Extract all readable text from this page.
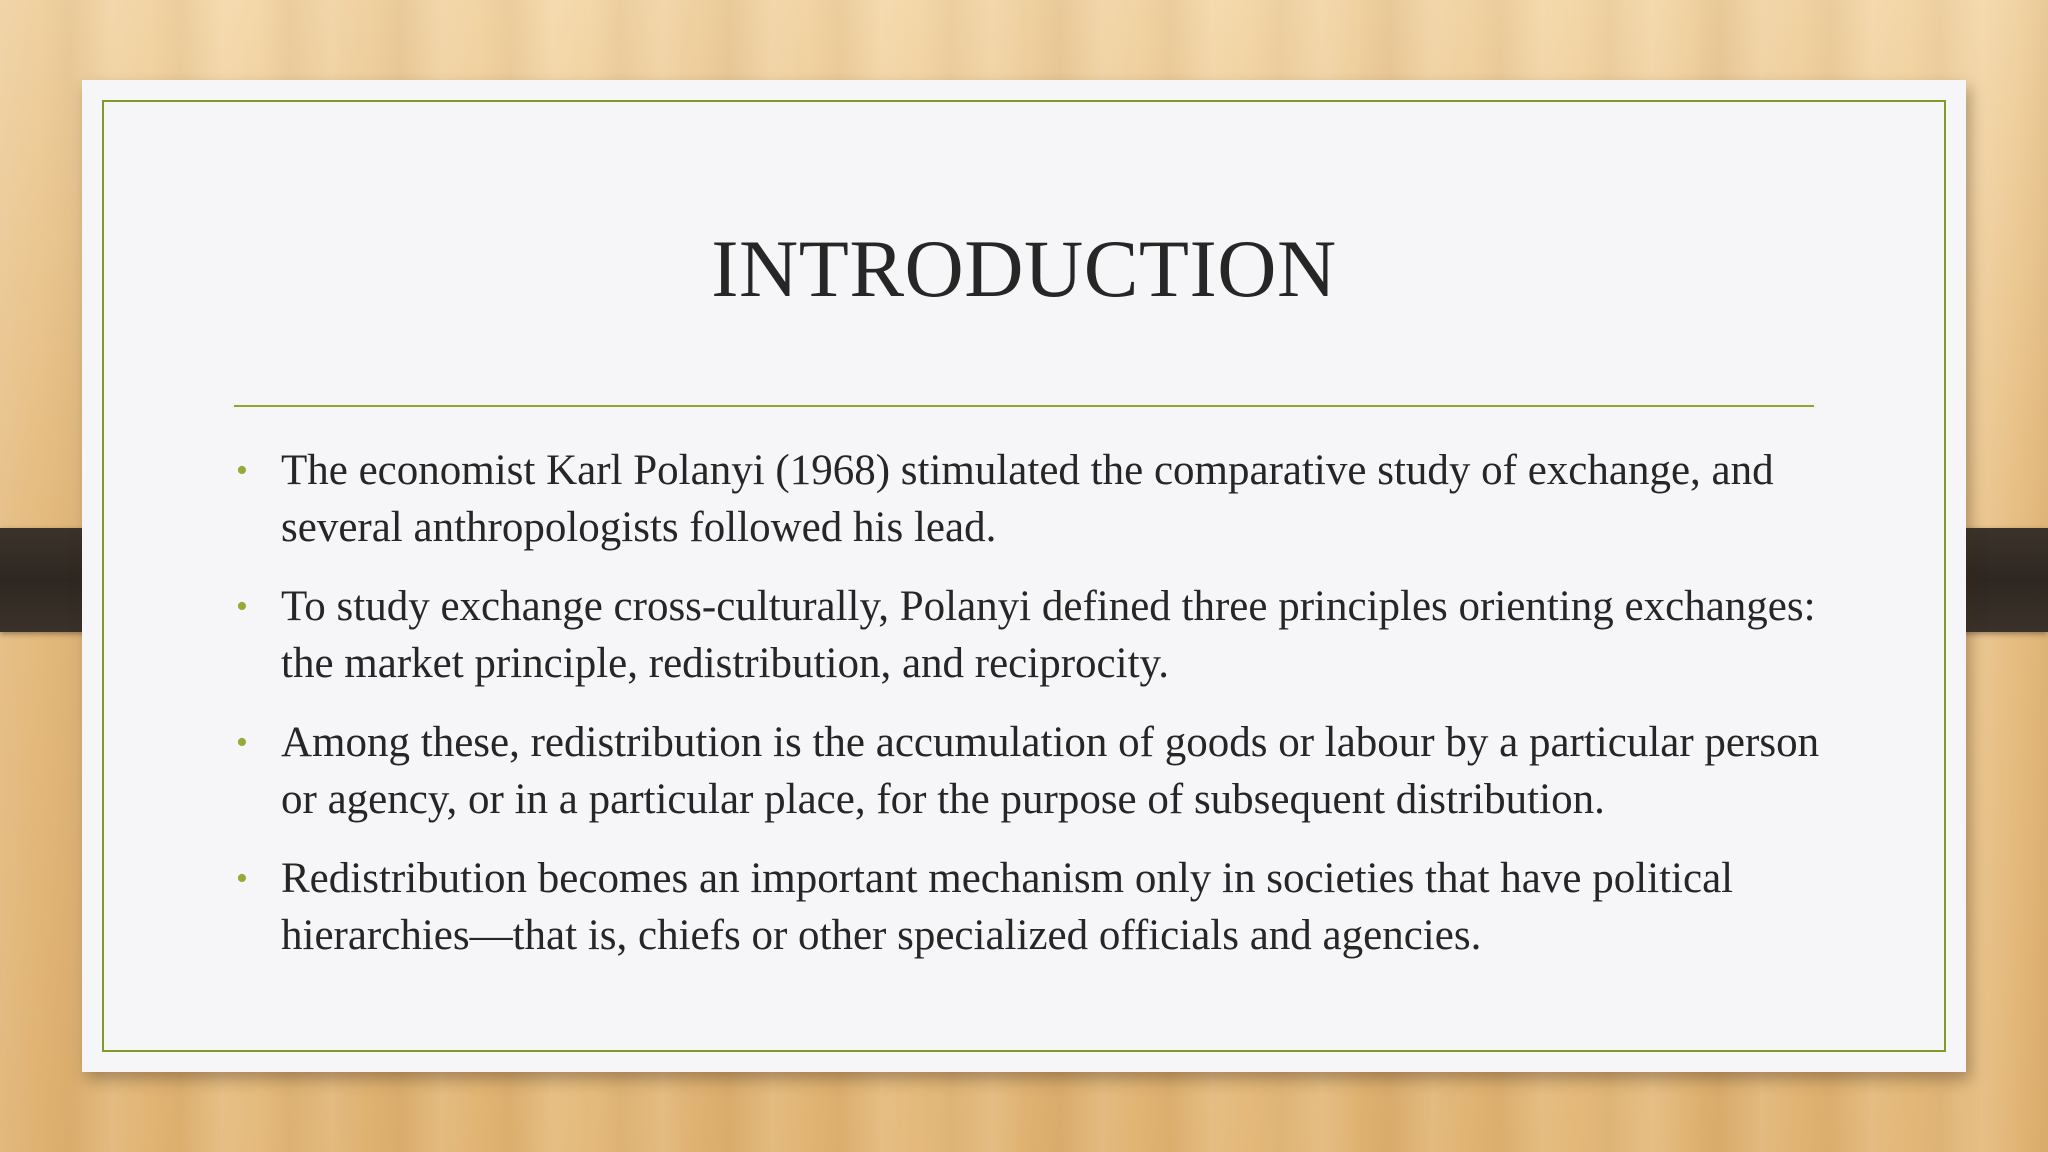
INTRODUCTION
• The economist Karl Polanyi (1968) stimulated the comparative study of exchange, and several anthropologists followed his lead.
• To study exchange cross-culturally, Polanyi defined three principles orienting exchanges: the market principle, redistribution, and reciprocity.
• Among these, redistribution is the accumulation of goods or labour by a particular person or agency, or in a particular place, for the purpose of subsequent distribution.
• Redistribution becomes an important mechanism only in societies that have political hierarchies—that is, chiefs or other specialized officials and agencies.
